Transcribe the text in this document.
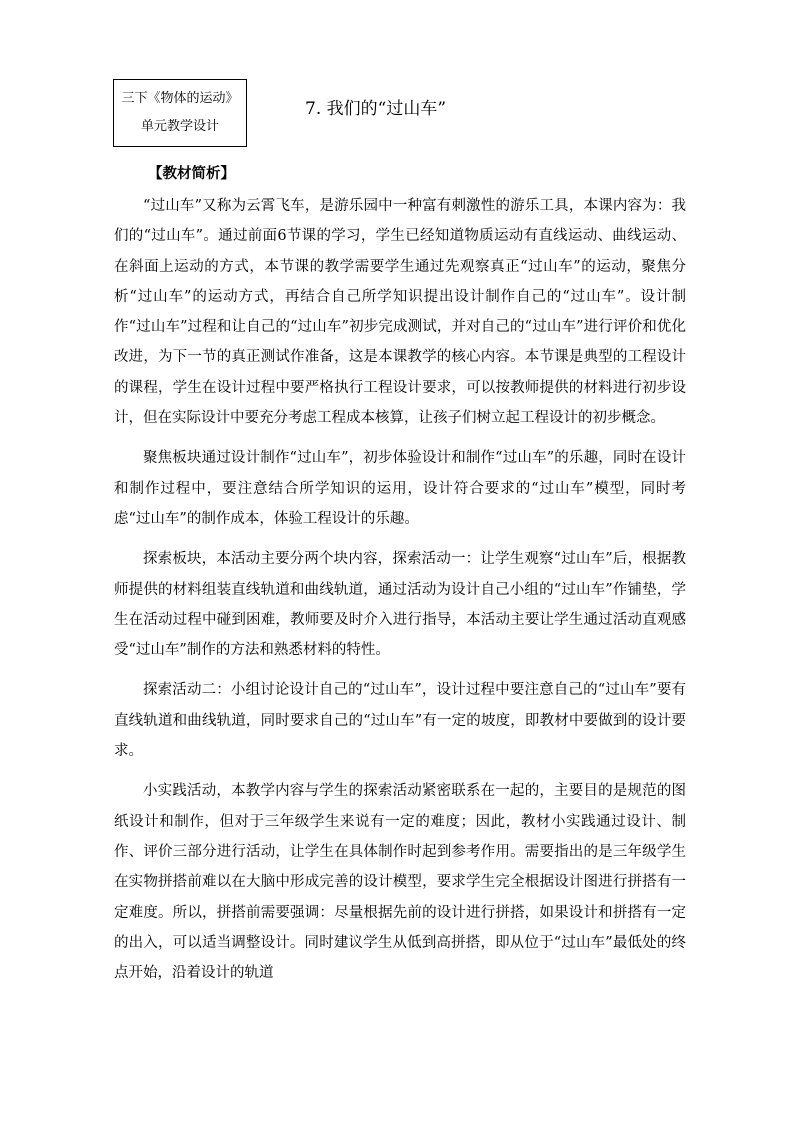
三下《物体的运动》
单元教学设计
7. 我们的“过山车”
【教材简析】

“过山车”又称为云霄飞车，是游乐园中一种富有刺激性的游乐工具，本课内容为：我们的“过山车”。通过前面6节课的学习，学生已经知道物质运动有直线运动、曲线运动、在斜面上运动的方式，本节课的教学需要学生通过先观察真正“过山车”的运动，聚焦分析“过山车”的运动方式，再结合自己所学知识提出设计制作自己的“过山车”。设计制作“过山车”过程和让自己的“过山车”初步完成测试，并对自己的“过山车”进行评价和优化改进，为下一节的真正测试作准备，这是本课教学的核心内容。本节课是典型的工程设计的课程，学生在设计过程中要严格执行工程设计要求，可以按教师提供的材料进行初步设计，但在实际设计中要充分考虑工程成本核算，让孩子们树立起工程设计的初步概念。

聚焦板块通过设计制作“过山车”，初步体验设计和制作“过山车”的乐趣，同时在设计和制作过程中，要注意结合所学知识的运用，设计符合要求的“过山车”模型，同时考虑“过山车”的制作成本，体验工程设计的乐趣。

探索板块，本活动主要分两个块内容，探索活动一：让学生观察“过山车”后，根据教师提供的材料组装直线轨道和曲线轨道，通过活动为设计自己小组的“过山车”作铺垫，学生在活动过程中碰到困难，教师要及时介入进行指导，本活动主要让学生通过活动直观感受“过山车”制作的方法和熟悉材料的特性。

探索活动二：小组讨论设计自己的“过山车”，设计过程中要注意自己的“过山车”要有直线轨道和曲线轨道，同时要求自己的“过山车”有一定的坡度，即教材中要做到的设计要求。

小实践活动，本教学内容与学生的探索活动紧密联系在一起的，主要目的是规范的图纸设计和制作，但对于三年级学生来说有一定的难度；因此，教材小实践通过设计、制作、评价三部分进行活动，让学生在具体制作时起到参考作用。需要指出的是三年级学生在实物拼搭前难以在大脑中形成完善的设计模型，要求学生完全根据设计图进行拼搭有一定难度。所以，拼搭前需要强调：尽量根据先前的设计进行拼搭，如果设计和拼搭有一定的出入，可以适当调整设计。同时建议学生从低到高拼搭，即从位于“过山车”最低处的终点开始，沿着设计的轨道
